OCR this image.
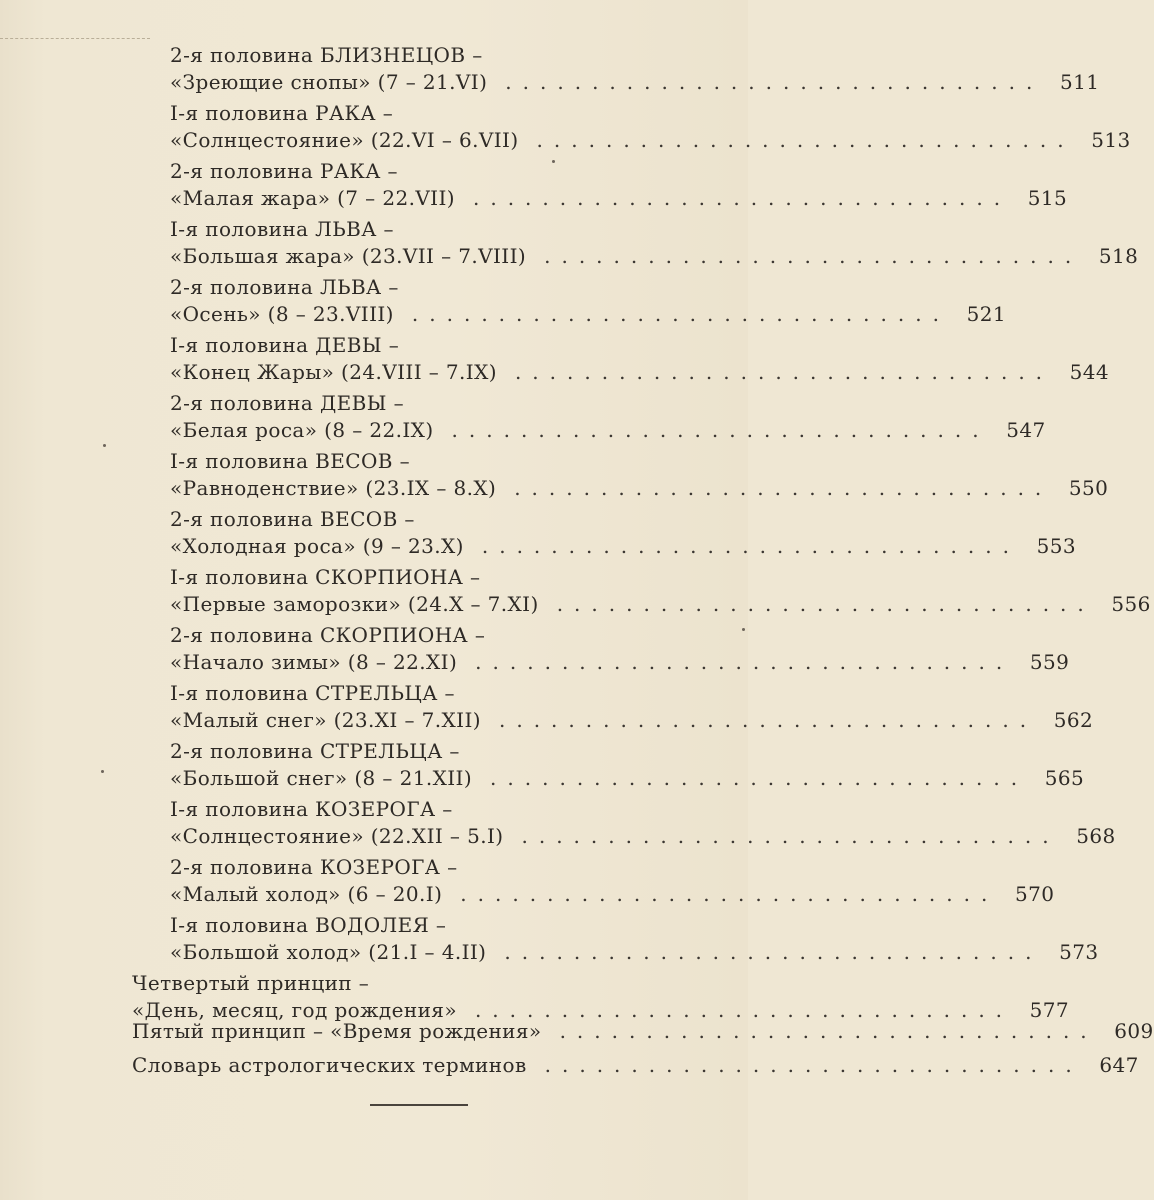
2-я половина БЛИЗНЕЦОВ –
«Зреющие снопы» (7 – 21.VI) ............................... 511
I-я половина РАКА –
«Солнцестояние» (22.VI – 6.VII) ............................... 513
2-я половина РАКА –
«Малая жара» (7 – 22.VII) ............................... 515
I-я половина ЛЬВА –
«Большая жара» (23.VII – 7.VIII) ............................... 518
2-я половина ЛЬВА –
«Осень» (8 – 23.VIII) ............................... 521
I-я половина ДЕВЫ –
«Конец Жары» (24.VIII – 7.IX) ............................... 544
2-я половина ДЕВЫ –
«Белая роса» (8 – 22.IX) ............................... 547
I-я половина ВЕСОВ –
«Равноденствие» (23.IX – 8.X) ............................... 550
2-я половина ВЕСОВ –
«Холодная роса» (9 – 23.X) ............................... 553
I-я половина СКОРПИОНА –
«Первые заморозки» (24.X – 7.XI) ............................... 556
2-я половина СКОРПИОНА –
«Начало зимы» (8 – 22.XI) ............................... 559
I-я половина СТРЕЛЬЦА –
«Малый снег» (23.XI – 7.XII) ............................... 562
2-я половина СТРЕЛЬЦА –
«Большой снег» (8 – 21.XII) ............................... 565
I-я половина КОЗЕРОГА –
«Солнцестояние» (22.XII – 5.I) ............................... 568
2-я половина КОЗЕРОГА –
«Малый холод» (6 – 20.I) ............................... 570
I-я половина ВОДОЛЕЯ –
«Большой холод» (21.I – 4.II) ............................... 573
Четвертый принцип –
«День, месяц, год рождения» ............................... 577
Пятый принцип – «Время рождения» ............................... 609
Словарь астрологических терминов ............................... 647
